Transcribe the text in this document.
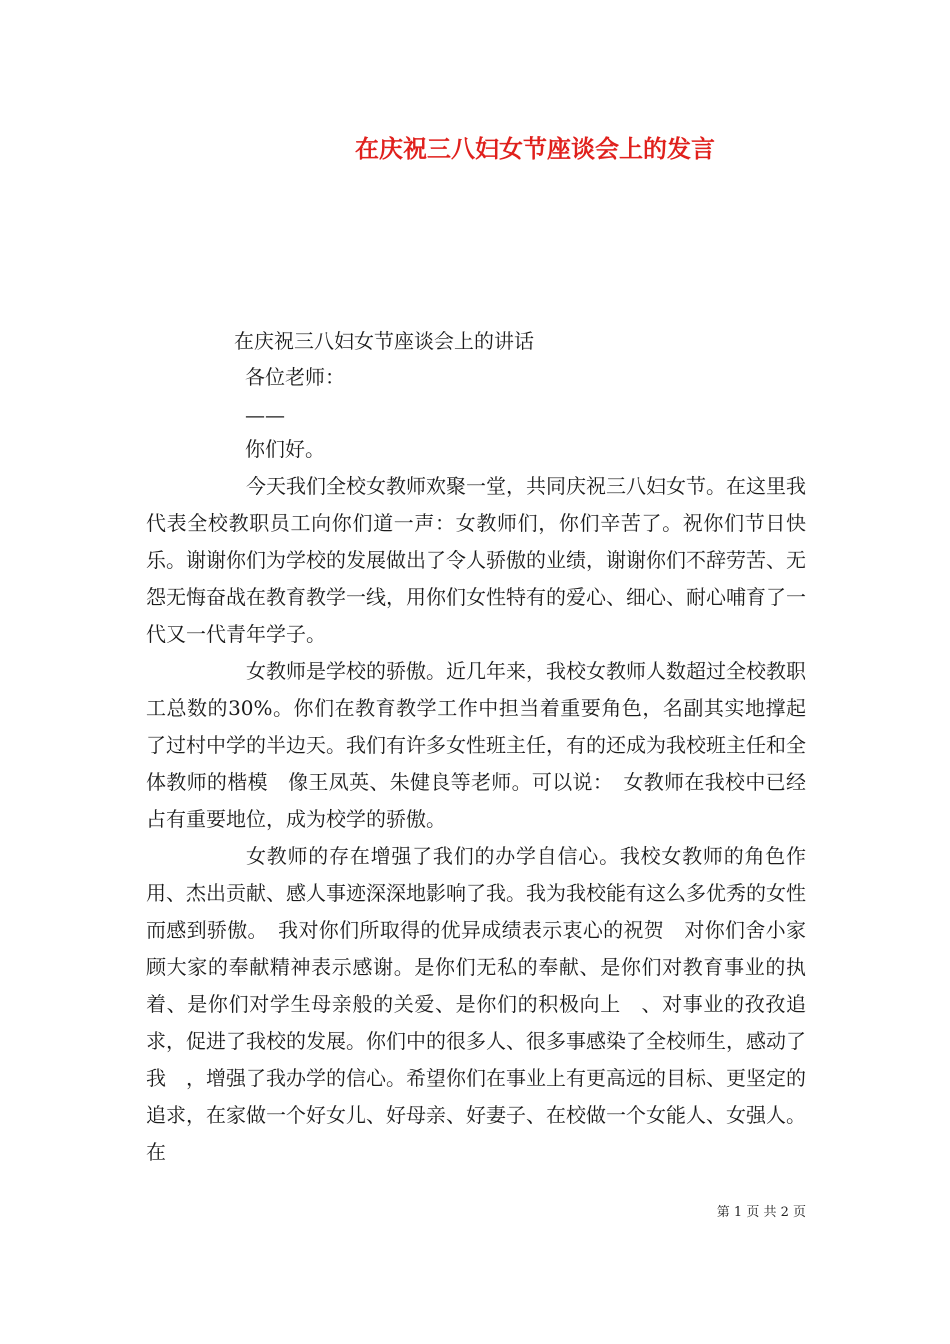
在庆祝三八妇女节座谈会上的发言
在庆祝三八妇女节座谈会上的讲话
各位老师：
——
你们好。

今天我们全校女教师欢聚一堂，共同庆祝三八妇女节。在这里我代表全校教职员工向你们道一声：女教师们，你们辛苦了。祝你们节日快乐。谢谢你们为学校的发展做出了令人骄傲的业绩，谢谢你们不辞劳苦、无怨无悔奋战在教育教学一线，用你们女性特有的爱心、细心、耐心哺育了一代又一代青年学子。

女教师是学校的骄傲。近几年来，我校女教师人数超过全校教职工总数的30%。你们在教育教学工作中担当着重要角色，名副其实地撑起了过村中学的半边天。我们有许多女性班主任，有的还成为我校班主任和全体教师的楷模　像王凤英、朱健良等老师。可以说：　女教师在我校中已经占有重要地位，成为校学的骄傲。

女教师的存在增强了我们的办学自信心。我校女教师的角色作用、杰出贡献、感人事迹深深地影响了我。我为我校能有这么多优秀的女性而感到骄傲。　我对你们所取得的优异成绩表示衷心的祝贺　对你们舍小家顾大家的奉献精神表示感谢。是你们无私的奉献、是你们对教育事业的执着、是你们对学生母亲般的关爱、是你们的积极向上　、对事业的孜孜追求，促进了我校的发展。你们中的很多人、很多事感染了全校师生，感动了我　，增强了我办学的信心。希望你们在事业上有更高远的目标、更坚定的追求，在家做一个好女儿、好母亲、好妻子、在校做一个女能人、女强人。在

第 1 页 共 2 页
